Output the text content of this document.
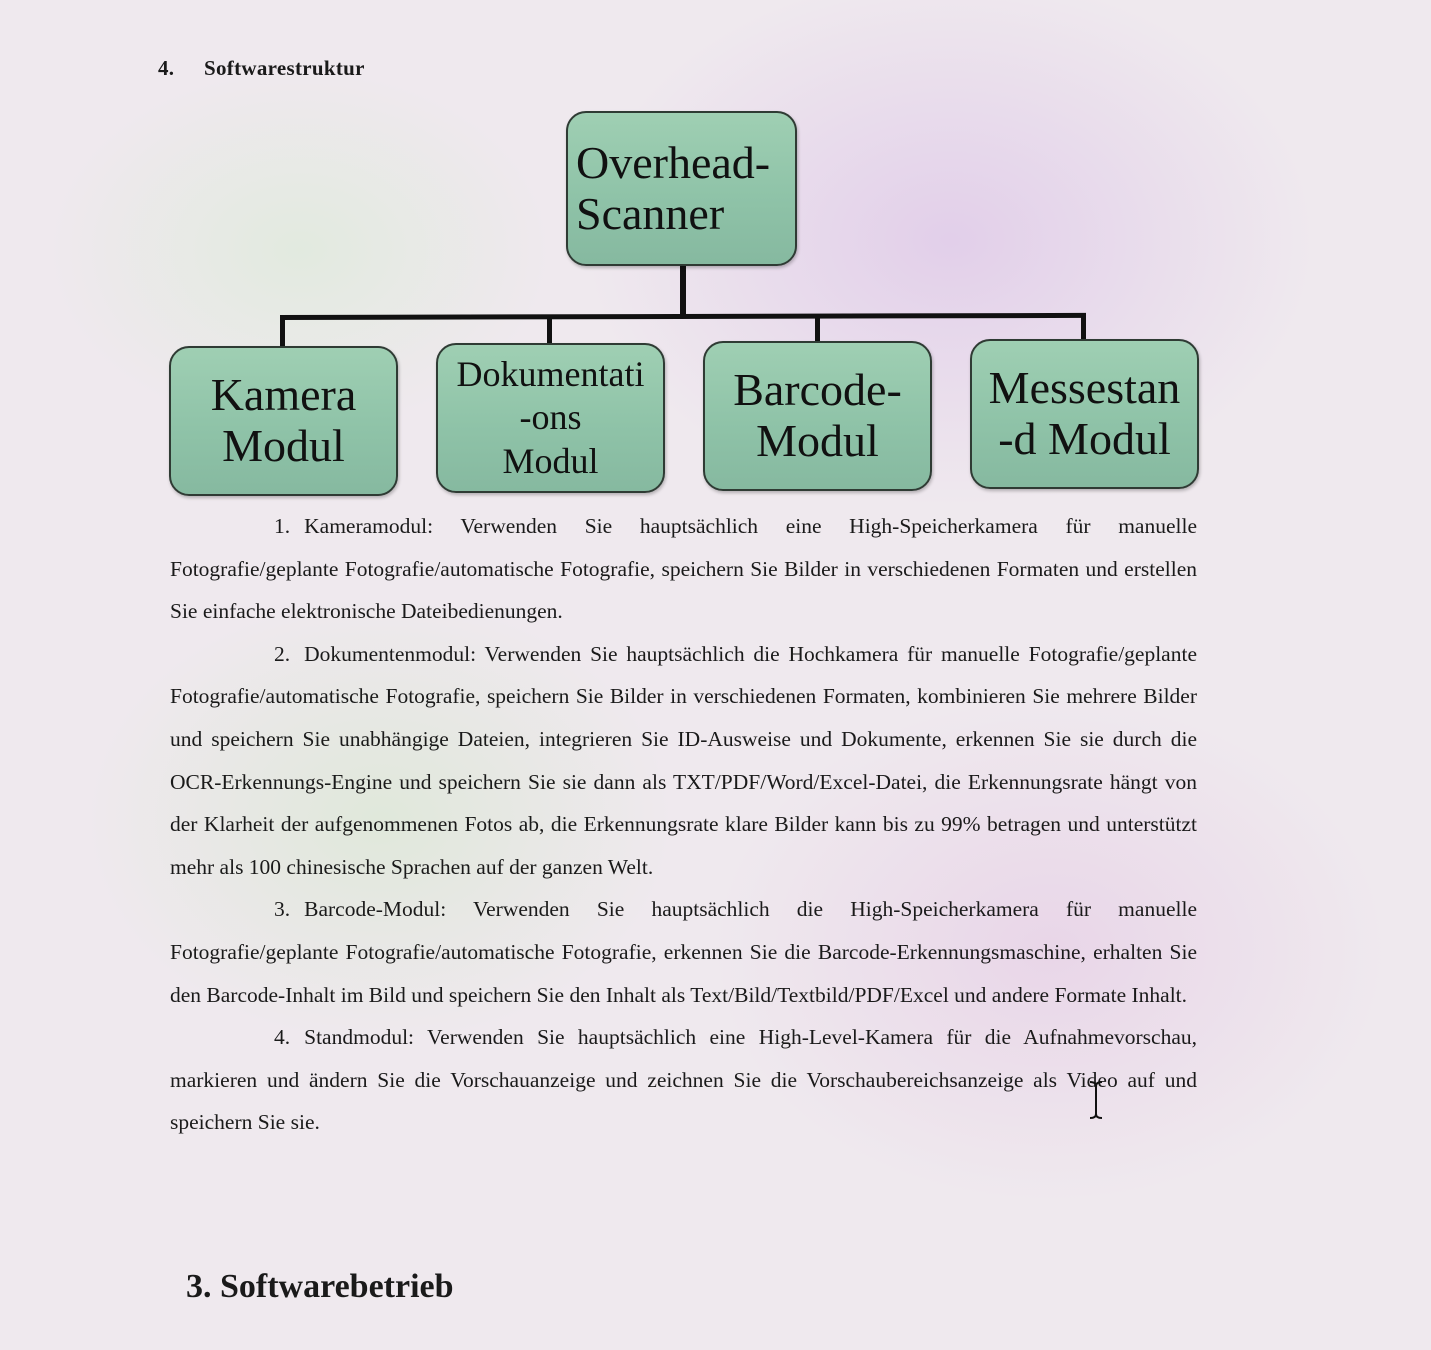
4. Softwarestruktur
Overhead-
Scanner
Kamera
Modul
Dokumentati
-ons
Modul
Barcode-
Modul
Messestan
-d Modul

1. Kameramodul: Verwenden Sie hauptsächlich eine High-Speicherkamera für manuelle Fotografie/geplante Fotografie/automatische Fotografie, speichern Sie Bilder in verschiedenen Formaten und erstellen Sie einfache elektronische Dateibedienungen.

2. Dokumentenmodul: Verwenden Sie hauptsächlich die Hochkamera für manuelle Fotografie/geplante Fotografie/automatische Fotografie, speichern Sie Bilder in verschiedenen Formaten, kombinieren Sie mehrere Bilder und speichern Sie unabhängige Dateien, integrieren Sie ID-Ausweise und Dokumente, erkennen Sie sie durch die OCR-Erkennungs-Engine und speichern Sie sie dann als TXT/PDF/Word/Excel-Datei, die Erkennungsrate hängt von der Klarheit der aufgenommenen Fotos ab, die Erkennungsrate klare Bilder kann bis zu 99% betragen und unterstützt mehr als 100 chinesische Sprachen auf der ganzen Welt.

3. Barcode-Modul: Verwenden Sie hauptsächlich die High-Speicherkamera für manuelle Fotografie/geplante Fotografie/automatische Fotografie, erkennen Sie die Barcode-Erkennungsmaschine, erhalten Sie den Barcode-Inhalt im Bild und speichern Sie den Inhalt als Text/Bild/Textbild/PDF/Excel und andere Formate Inhalt.

4. Standmodul: Verwenden Sie hauptsächlich eine High-Level-Kamera für die Aufnahmevorschau, markieren und ändern Sie die Vorschauanzeige und zeichnen Sie die Vorschaubereichsanzeige als Video auf und speichern Sie sie.

3. Softwarebetrieb
